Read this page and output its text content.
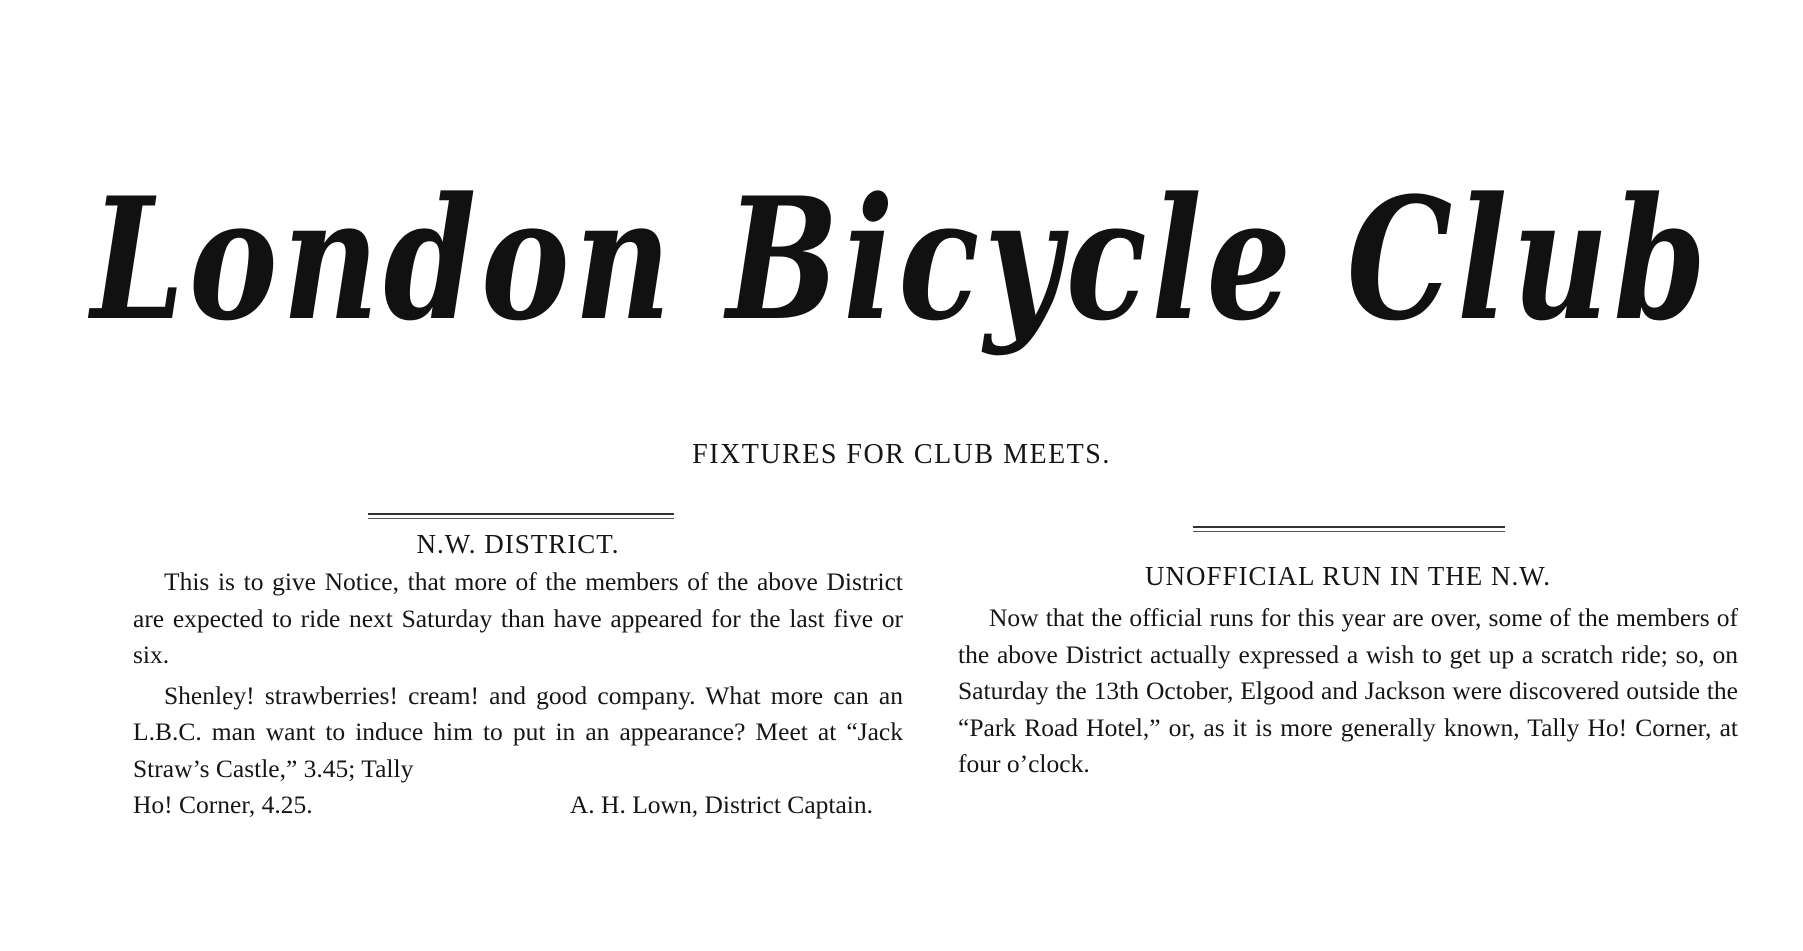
London Bicycle Club
FIXTURES FOR CLUB MEETS.
N.W. DISTRICT.

This is to give Notice, that more of the members of the above District are expected to ride next Saturday than have appeared for the last five or six.

Shenley! strawberries! cream! and good company. What more can an L.B.C. man want to induce him to put in an appearance? Meet at “Jack Straw’s Castle,” 3.45; Tally

Ho! Corner, 4.25.	A. H. Lown, District Captain.
UNOFFICIAL RUN IN THE N.W.

Now that the official runs for this year are over, some of the members of the above District actually expressed a wish to get up a scratch ride; so, on Saturday the 13th October, Elgood and Jackson were discovered outside the “Park Road Hotel,” or, as it is more generally known, Tally Ho! Corner, at four o’clock.
